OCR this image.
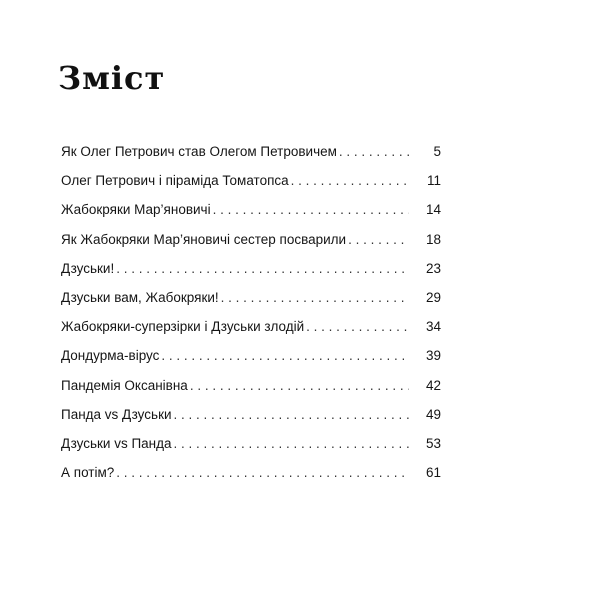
Зміст
Як Олег Петрович став Олегом Петровичем . . .	5
Олег Петрович і піраміда Томатопса . . .	11
Жабокряки Мар’яновичі . . .	14
Як Жабокряки Мар’яновичі сестер посварили . . .	18
Дзуськи! . . .	23
Дзуськи вам, Жабокряки! . . .	29
Жабокряки-суперзірки і Дзуськи злодій . . .	34
Дондурма-вірус . . .	39
Пандемія Оксанівна . . .	42
Панда vs Дзуськи . . .	49
Дзуськи vs Панда . . .	53
А потім? . . .	61
